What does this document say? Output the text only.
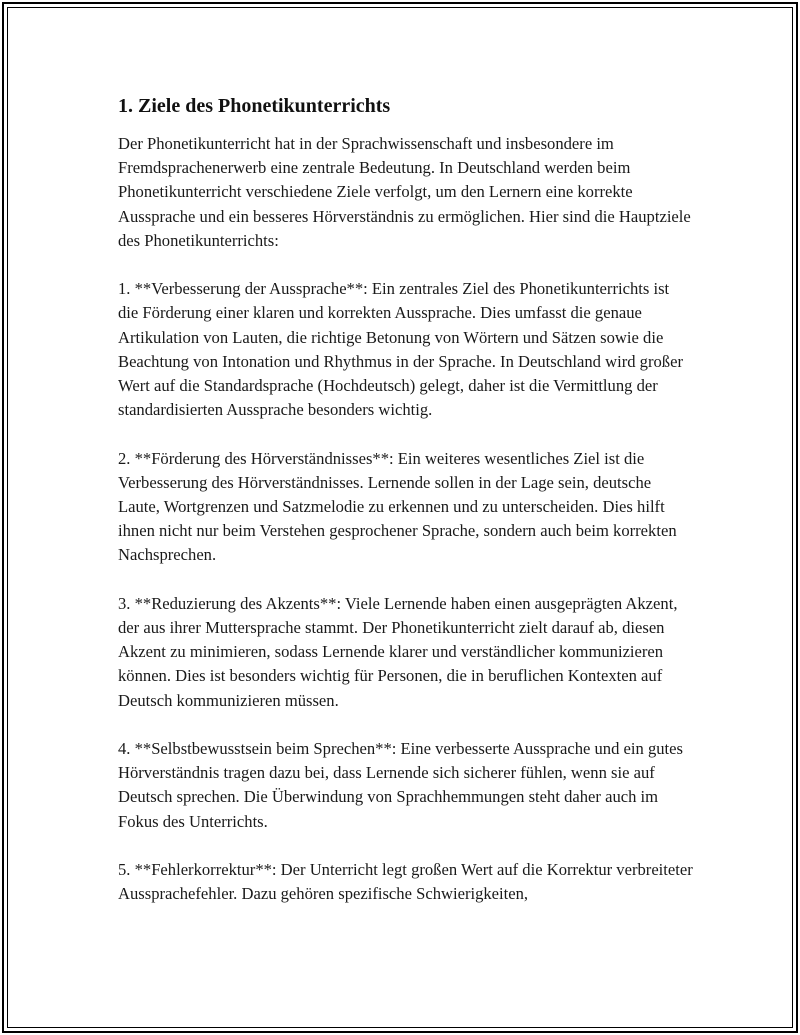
1. Ziele des Phonetikunterrichts

Der Phonetikunterricht hat in der Sprachwissenschaft und insbesondere im Fremdsprachenerwerb eine zentrale Bedeutung. In Deutschland werden beim Phonetikunterricht verschiedene Ziele verfolgt, um den Lernern eine korrekte Aussprache und ein besseres Hörverständnis zu ermöglichen. Hier sind die Hauptziele des Phonetikunterrichts:

1. **Verbesserung der Aussprache**: Ein zentrales Ziel des Phonetikunterrichts ist die Förderung einer klaren und korrekten Aussprache. Dies umfasst die genaue Artikulation von Lauten, die richtige Betonung von Wörtern und Sätzen sowie die Beachtung von Intonation und Rhythmus in der Sprache. In Deutschland wird großer Wert auf die Standardsprache (Hochdeutsch) gelegt, daher ist die Vermittlung der standardisierten Aussprache besonders wichtig.

2. **Förderung des Hörverständnisses**: Ein weiteres wesentliches Ziel ist die Verbesserung des Hörverständnisses. Lernende sollen in der Lage sein, deutsche Laute, Wortgrenzen und Satzmelodie zu erkennen und zu unterscheiden. Dies hilft ihnen nicht nur beim Verstehen gesprochener Sprache, sondern auch beim korrekten Nachsprechen.

3. **Reduzierung des Akzents**: Viele Lernende haben einen ausgeprägten Akzent, der aus ihrer Muttersprache stammt. Der Phonetikunterricht zielt darauf ab, diesen Akzent zu minimieren, sodass Lernende klarer und verständlicher kommunizieren können. Dies ist besonders wichtig für Personen, die in beruflichen Kontexten auf Deutsch kommunizieren müssen.

4. **Selbstbewusstsein beim Sprechen**: Eine verbesserte Aussprache und ein gutes Hörverständnis tragen dazu bei, dass Lernende sich sicherer fühlen, wenn sie auf Deutsch sprechen. Die Überwindung von Sprachhemmungen steht daher auch im Fokus des Unterrichts.

5. **Fehlerkorrektur**: Der Unterricht legt großen Wert auf die Korrektur verbreiteter Aussprachefehler. Dazu gehören spezifische Schwierigkeiten,
